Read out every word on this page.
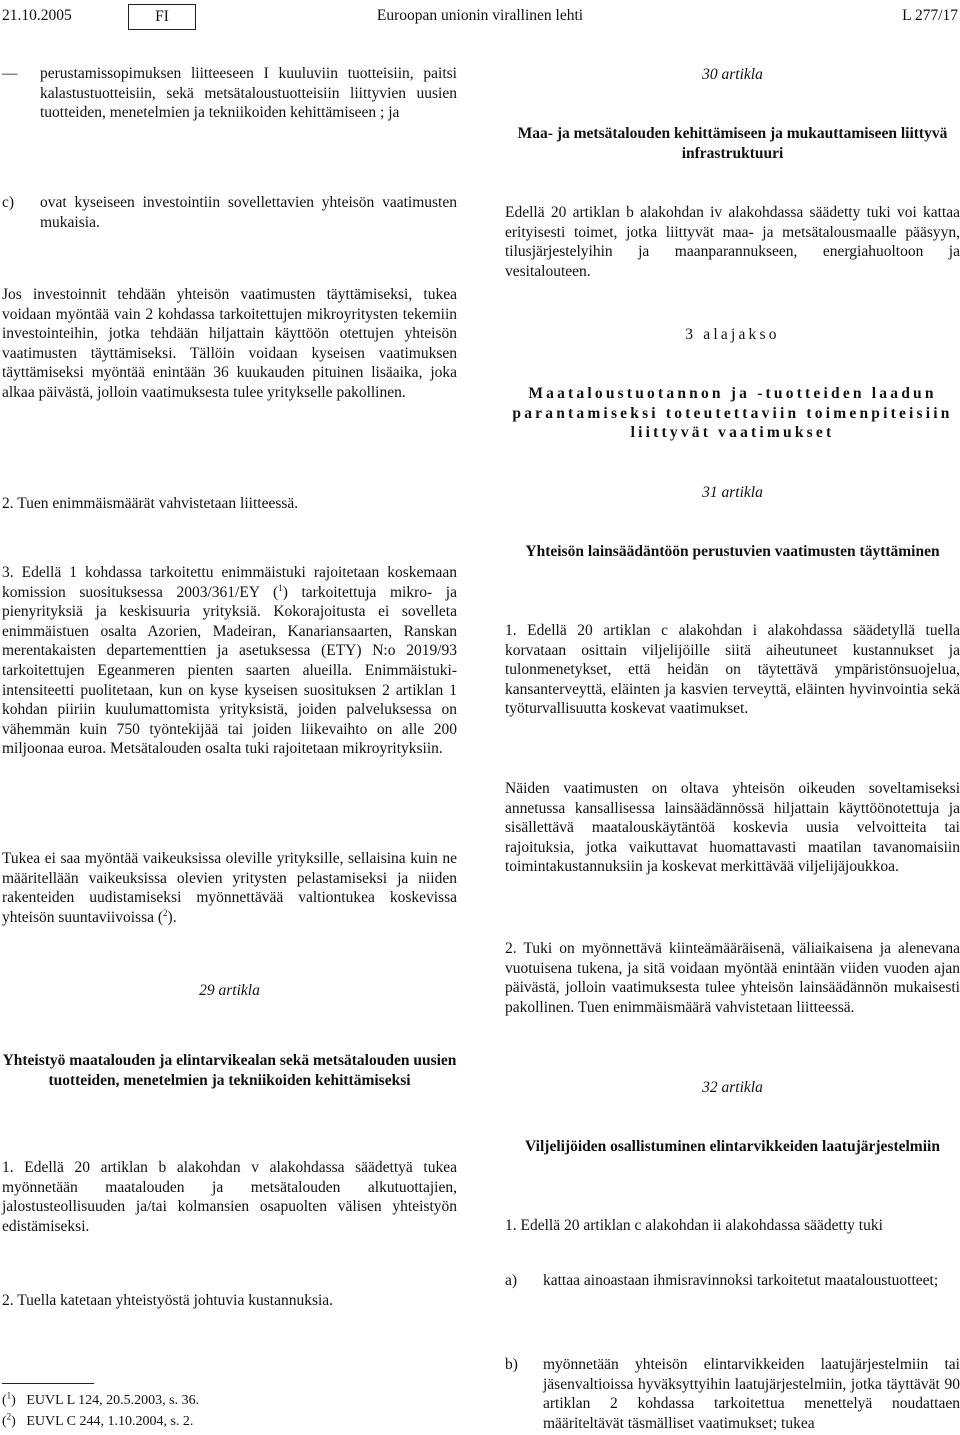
21.10.2005	FI	Euroopan unionin virallinen lehti	L 277/17
— perustamissopimuksen liitteeseen I kuuluviin tuotteisiin, paitsi kalastustuotteisiin, sekä metsätaloustuotteisiin liittyvien uusien tuotteiden, menetelmien ja tekniikoiden kehittämiseen ; ja

c) ovat kyseiseen investointiin sovellettavien yhteisön vaatimusten mukaisia.

Jos investoinnit tehdään yhteisön vaatimusten täyttämiseksi, tukea voidaan myöntää vain 2 kohdassa tarkoitettujen mikroyritysten tekemiin investointeihin, jotka tehdään hiljattain käyttöön otettujen yhteisön vaatimusten täyttämiseksi. Tällöin voidaan kyseisen vaatimuksen täyttämiseksi myöntää enintään 36 kuukauden pituinen lisäaika, joka alkaa päivästä, jolloin vaatimuksesta tulee yritykselle pakollinen.

2. Tuen enimmäismäärät vahvistetaan liitteessä.

3. Edellä 1 kohdassa tarkoitettu enimmäistuki rajoitetaan koskemaan komission suosituksessa 2003/361/EY ($^1$) tarkoitettuja mikro- ja pienyrityksiä ja keskisuuria yrityksiä. Kokorajoitusta ei sovelleta enimmäistuen osalta Azorien, Madeiran, Kanariansaarten, Ranskan merentakaisten departementtien ja asetuksessa (ETY) N:o 2019/93 tarkoitettujen Egeanmeren pienten saarten alueilla. Enimmäistuki-intensiteetti puolitetaan, kun on kyse kyseisen suosituksen 2 artiklan 1 kohdan piiriin kuulumattomista yrityksistä, joiden palveluksessa on vähemmän kuin 750 työntekijää tai joiden liikevaihto on alle 200 miljoonaa euroa. Metsätalouden osalta tuki rajoitetaan mikroyrityksiin.

Tukea ei saa myöntää vaikeuksissa oleville yrityksille, sellaisina kuin ne määritellään vaikeuksissa olevien yritysten pelastamiseksi ja niiden rakenteiden uudistamiseksi myönnettävää valtiontukea koskevissa yhteisön suuntaviivoissa ($^2$).

29 artikla

Yhteistyö maatalouden ja elintarvikealan sekä metsätalouden uusien tuotteiden, menetelmien ja tekniikoiden kehittämiseksi

1. Edellä 20 artiklan b alakohdan v alakohdassa säädettyä tukea myönnetään maatalouden ja metsätalouden alkutuottajien, jalostusteollisuuden ja/tai kolmansien osapuolten välisen yhteistyön edistämiseksi.

2. Tuella katetaan yhteistyöstä johtuvia kustannuksia.

30 artikla

Maa- ja metsätalouden kehittämiseen ja mukauttamiseen liittyvä infrastruktuuri

Edellä 20 artiklan b alakohdan iv alakohdassa säädetty tuki voi kattaa erityisesti toimet, jotka liittyvät maa- ja metsätalousmaalle pääsyyn, tilusjärjestelyihin ja maanparannukseen, energiahuoltoon ja vesitalouteen.

3 alajakso

Maataloustuotannon ja -tuotteiden laadun parantamiseksi toteutettaviin toimenpiteisiin liittyvät vaatimukset

31 artikla

Yhteisön lainsäädäntöön perustuvien vaatimusten täyttäminen

1. Edellä 20 artiklan c alakohdan i alakohdassa säädetyllä tuella korvataan osittain viljelijöille siitä aiheutuneet kustannukset ja tulonmenetykset, että heidän on täytettävä ympäristönsuojelua, kansanterveyttä, eläinten ja kasvien terveyttä, eläinten hyvinvointia sekä työturvallisuutta koskevat vaatimukset.

Näiden vaatimusten on oltava yhteisön oikeuden soveltamiseksi annetussa kansallisessa lainsäädännössä hiljattain käyttöönotettuja ja sisällettävä maatalouskäytäntöä koskevia uusia velvoitteita tai rajoituksia, jotka vaikuttavat huomattavasti maatilan tavanomaisiin toimintakustannuksiin ja koskevat merkittävää viljelijäjoukkoa.

2. Tuki on myönnettävä kiinteämääräisenä, väliaikaisena ja alenevana vuotuisena tukena, ja sitä voidaan myöntää enintään viiden vuoden ajan päivästä, jolloin vaatimuksesta tulee yhteisön lainsäädännön mukaisesti pakollinen. Tuen enimmäismäärä vahvistetaan liitteessä.

32 artikla

Viljelijöiden osallistuminen elintarvikkeiden laatujärjestelmiin

1. Edellä 20 artiklan c alakohdan ii alakohdassa säädetty tuki

a) kattaa ainoastaan ihmisravinnoksi tarkoitetut maataloustuotteet;

b) myönnetään yhteisön elintarvikkeiden laatujärjestelmiin tai jäsenvaltioissa hyväksyttyihin laatujärjestelmiin, jotka täyttävät 90 artiklan 2 kohdassa tarkoitettua menettelyä noudattaen määriteltävät täsmälliset vaatimukset; tukea

($^1$)   EUVL L 124, 20.5.2003, s. 36.
($^2$)   EUVL C 244, 1.10.2004, s. 2.
